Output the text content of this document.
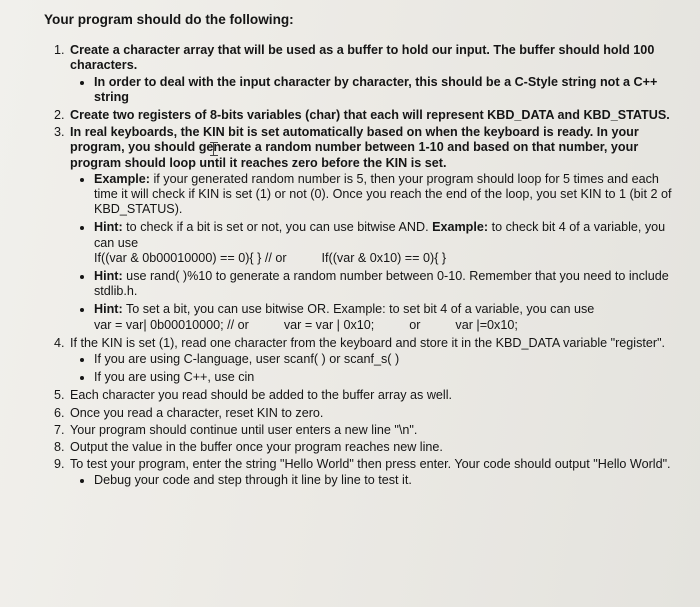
Your program should do the following:
1. Create a character array that will be used as a buffer to hold our input. The buffer should hold 100 characters.
• In order to deal with the input character by character, this should be a C-Style string not a C++ string
2. Create two registers of 8-bits variables (char) that each will represent KBD_DATA and KBD_STATUS.
3. In real keyboards, the KIN bit is set automatically based on when the keyboard is ready. In your program, you should generate a random number between 1-10 and based on that number, your program should loop until it reaches zero before the KIN is set.
• Example: if your generated random number is 5, then your program should loop for 5 times and each time it will check if KIN is set (1) or not (0). Once you reach the end of the loop, you set KIN to 1 (bit 2 of KBD_STATUS).
• Hint: to check if a bit is set or not, you can use bitwise AND. Example: to check bit 4 of a variable, you can use
If((var & 0b00010000) == 0){ } // or          If((var & 0x10) == 0){ }
• Hint: use rand( )%10 to generate a random number between 0-10. Remember that you need to include stdlib.h.
• Hint: To set a bit, you can use bitwise OR. Example: to set bit 4 of a variable, you can use
var = var| 0b00010000; // or          var = var | 0x10;          or          var |=0x10;
4. If the KIN is set (1), read one character from the keyboard and store it in the KBD_DATA variable "register".
• If you are using C-language, user scanf( ) or scanf_s( )
• If you are using C++, use cin
5. Each character you read should be added to the buffer array as well.
6. Once you read a character, reset KIN to zero.
7. Your program should continue until user enters a new line "\n".
8. Output the value in the buffer once your program reaches new line.
9. To test your program, enter the string "Hello World" then press enter. Your code should output "Hello World".
• Debug your code and step through it line by line to test it.
